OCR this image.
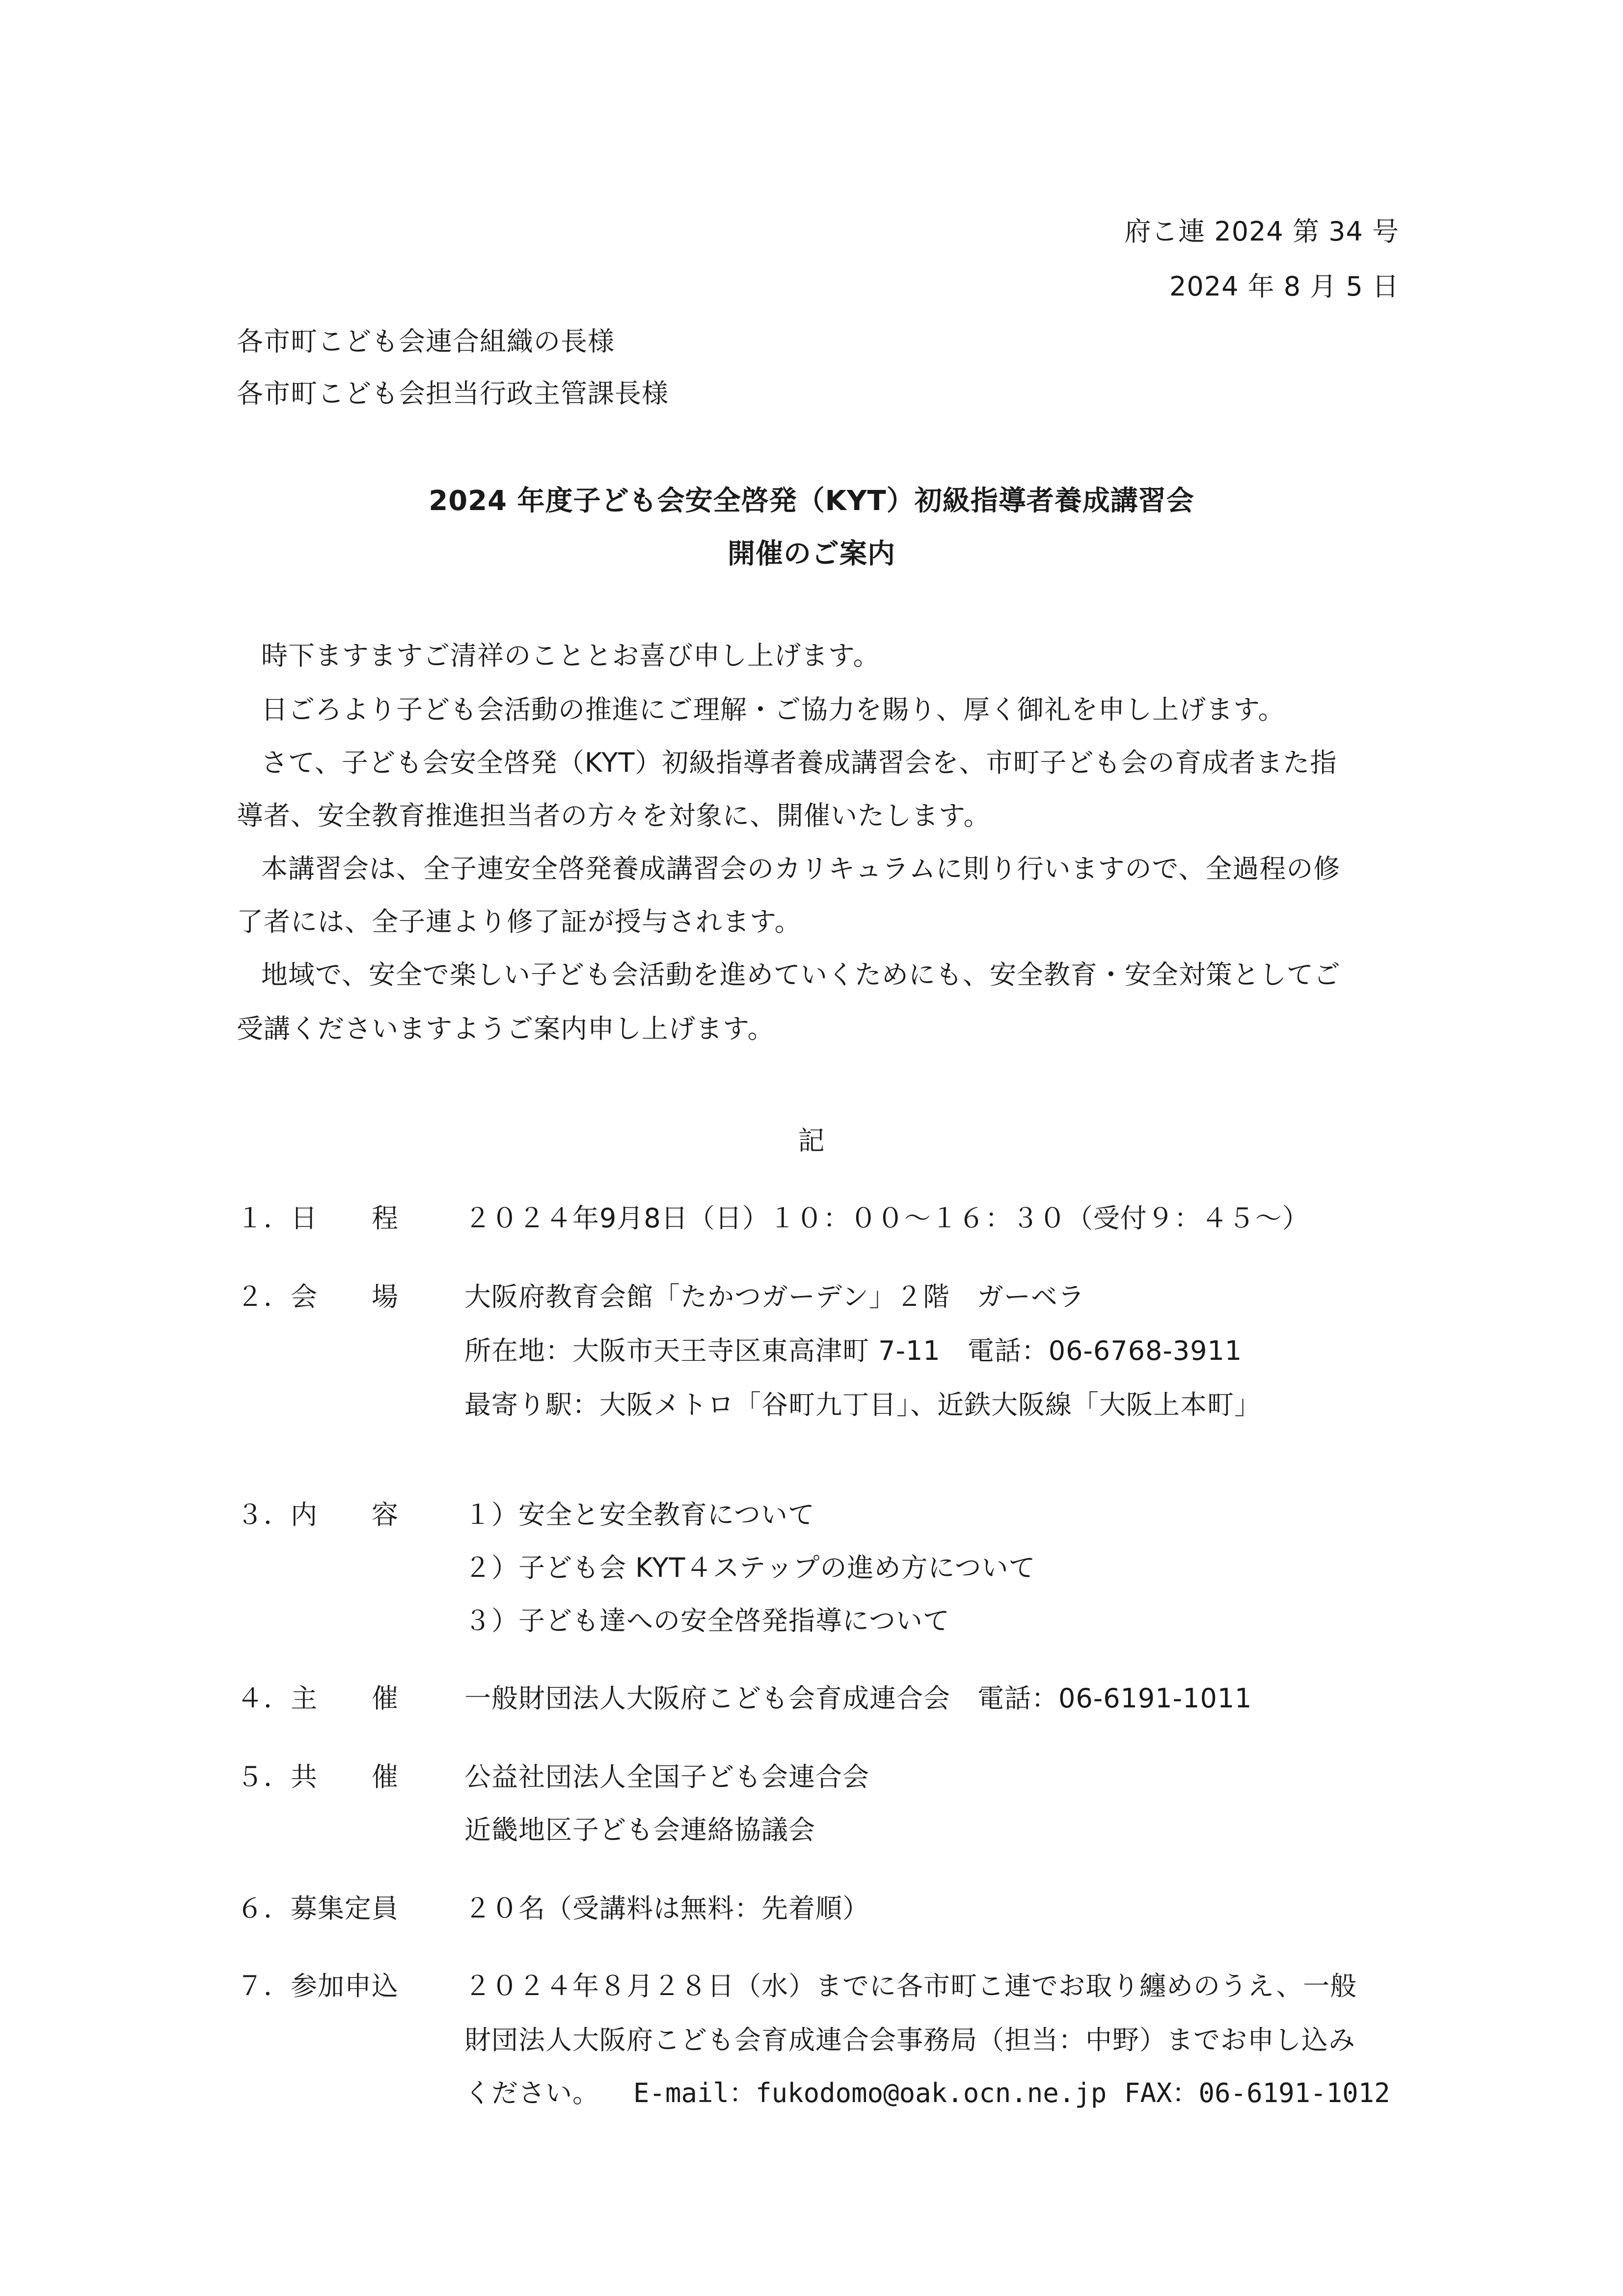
府こ連 2024 第 34 号
2024 年 8 月 5 日
各市町こども会連合組織の長様
各市町こども会担当行政主管課長様
2024 年度子ども会安全啓発（KYT）初級指導者養成講習会
開催のご案内
時下ますますご清祥のこととお喜び申し上げます。
日ごろより子ども会活動の推進にご理解・ご協力を賜り、厚く御礼を申し上げます。
さて、子ども会安全啓発（KYT）初級指導者養成講習会を、市町子ども会の育成者また指
導者、安全教育推進担当者の方々を対象に、開催いたします。
本講習会は、全子連安全啓発養成講習会のカリキュラムに則り行いますので、全過程の修
了者には、全子連より修了証が授与されます。
地域で、安全で楽しい子ども会活動を進めていくためにも、安全教育・安全対策としてご
受講くださいますようご案内申し上げます。
記
１．日　　程 ２０２４年9月8日（日）１０：００～１６：３０（受付９：４５～）
２．会　　場 大阪府教育会館「たかつガーデン」２階　ガーベラ
所在地：大阪市天王寺区東高津町 7-11　電話：06-6768-3911
最寄り駅：大阪メトロ「谷町九丁目」、近鉄大阪線「大阪上本町」
３．内　　容 １）安全と安全教育について
２）子ども会 KYT４ステップの進め方について
３）子ども達への安全啓発指導について
４．主　　催 一般財団法人大阪府こども会育成連合会　電話：06-6191-1011
５．共　　催 公益社団法人全国子ども会連合会
近畿地区子ども会連絡協議会
６．募集定員 ２０名（受講料は無料：先着順）
７．参加申込 ２０２４年８月２８日（水）までに各市町こ連でお取り纏めのうえ、一般
財団法人大阪府こども会育成連合会事務局（担当：中野）までお申し込み
ください。 E-mail：fukodomo@oak.ocn.ne.jp FAX：06-6191-1012
